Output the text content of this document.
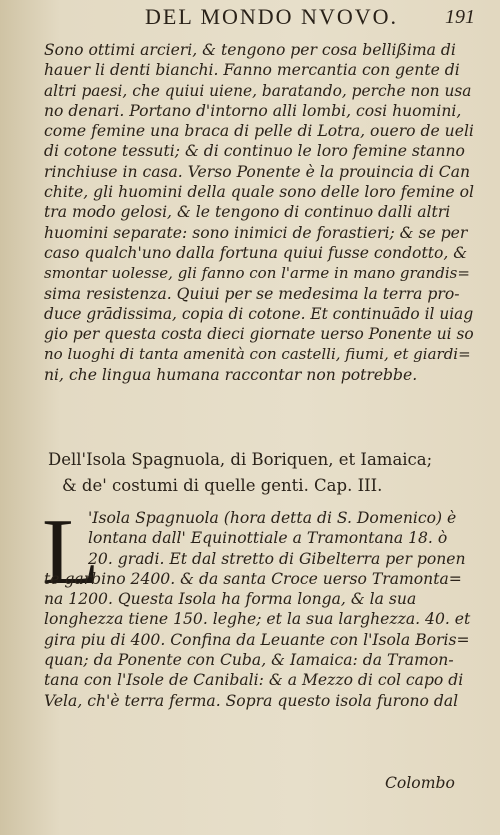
DEL MONDO NVOVO. 191
Sono ottimi arcieri, & tengono per cosa bellißima di
hauer li denti bianchi. Fanno mercantia con gente di
altri paesi, che quiui uiene, baratando, perche non usa
no denari. Portano d'intorno alli lombi, cosi huomini,
come femine una braca di pelle di Lotra, ouero de ueli
di cotone tessuti; & di continuo le loro femine stanno
rinchiuse in casa. Verso Ponente è la prouincia di Can
chite, gli huomini della quale sono delle loro femine ol
tra modo gelosi, & le tengono di continuo dalli altri
huomini separate: sono inimici de forastieri; & se per
caso qualch'uno dalla fortuna quiui fusse condotto, &
smontar uolesse, gli fanno con l'arme in mano grandis=
sima resistenza. Quiui per se medesima la terra pro-
duce grādissima, copia di cotone. Et continuādo il uiag
gio per questa costa dieci giornate uerso Ponente ui so
no luoghi di tanta amenità con castelli, fiumi, et giardi=
ni, che lingua humana raccontar non potrebbe.
Dell'Isola Spagnuola, di Boriquen, et Iamaica;
& de' costumi di quelle genti. Cap. III.
L
'Isola Spagnuola (hora detta di S. Domenico) è
lontana dall' Equinottiale a Tramontana 18. ò
20. gradi. Et dal stretto di Gibelterra per ponen
te garbino 2400. & da santa Croce uerso Tramonta=
na 1200. Questa Isola ha forma longa, & la sua
longhezza tiene 150. leghe; et la sua larghezza. 40. et
gira piu di 400. Confina da Leuante con l'Isola Boris=
quan; da Ponente con Cuba, & Iamaica: da Tramon-
tana con l'Isole de Canibali: & a Mezzo di col capo di
Vela, ch'è terra ferma. Sopra questo isola furono dal
Colombo
